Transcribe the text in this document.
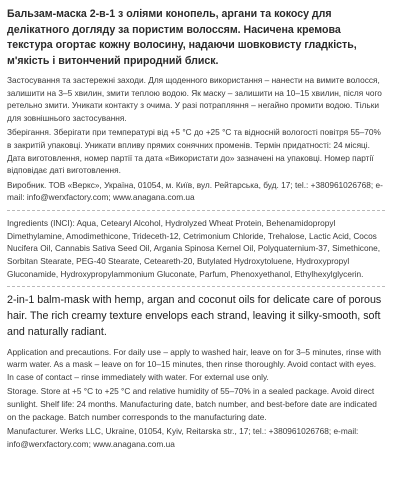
Бальзам-маска 2-в-1 з оліями конопель, аргани та кокосу для делікатного догляду за пористим волоссям. Насичена кремова текстура огортає кожну волосину, надаючи шовковисту гладкість, м'якість і витончений природний блиск.

Застосування та застережні заходи. Для щоденного використання – нанести на вимите волосся, залишити на 3–5 хвилин, змити теплою водою. Як маску – залишити на 10–15 хвилин, після чого ретельно змити. Уникати контакту з очима. У разі потрапляння – негайно промити водою. Тільки для зовнішнього застосування.

Зберігання. Зберігати при температурі від +5 °С до +25 °С та відносній вологості повітря 55–70% в закритій упаковці. Уникати впливу прямих сонячних променів. Термін придатності: 24 місяці. Дата виготовлення, номер партії та дата «Використати до» зазначені на упаковці. Номер партії відповідає даті виготовлення.

Виробник. ТОВ «Веркс», Україна, 01054, м. Київ, вул. Рейтарська, буд. 17; tel.: +380961026768; e-mail: info@werxfactory.com; www.anagana.com.ua

Ingredients (INCI): Aqua, Cetearyl Alcohol, Hydrolyzed Wheat Protein, Behenamidopropyl Dimethylamine, Amodimethicone, Trideceth-12, Cetrimonium Chloride, Trehalose, Lactic Acid, Cocos Nucifera Oil, Cannabis Sativa Seed Oil, Argania Spinosa Kernel Oil, Polyquaternium-37, Simethicone, Sorbitan Stearate, PEG-40 Stearate, Ceteareth-20, Butylated Hydroxytoluene, Hydroxypropyl Gluconamide, Hydroxypropylammonium Gluconate, Parfum, Phenoxyethanol, Ethylhexylglycerin.

2-in-1 balm-mask with hemp, argan and coconut oils for delicate care of porous hair. The rich creamy texture envelops each strand, leaving it silky-smooth, soft and naturally radiant.

Application and precautions. For daily use – apply to washed hair, leave on for 3–5 minutes, rinse with warm water. As a mask – leave on for 10–15 minutes, then rinse thoroughly. Avoid contact with eyes. In case of contact – rinse immediately with water. For external use only.

Storage. Store at +5 °C to +25 °C and relative humidity of 55–70% in a sealed package. Avoid direct sunlight. Shelf life: 24 months. Manufacturing date, batch number, and best-before date are indicated on the package. Batch number corresponds to the manufacturing date.

Manufacturer. Werks LLC, Ukraine, 01054, Kyiv, Reitarska str., 17; tel.: +380961026768; e-mail: info@werxfactory.com; www.anagana.com.ua
